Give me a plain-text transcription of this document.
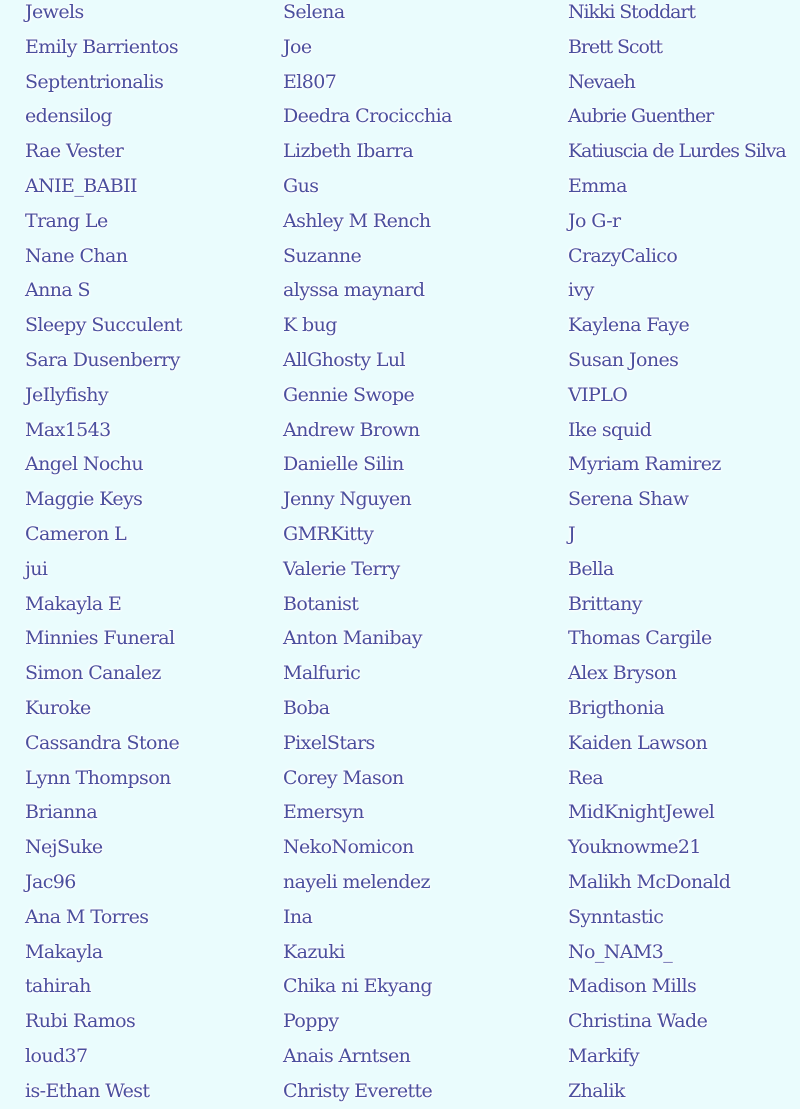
Jewels
Emily Barrientos
Septentrionalis
edensilog
Rae Vester
ANIE_BABII
Trang Le
Nane Chan
Anna S
Sleepy Succulent
Sara Dusenberry
JeIlyfishy
Max1543
Angel Nochu
Maggie Keys
Cameron L
jui
Makayla E
Minnies Funeral
Simon Canalez
Kuroke
Cassandra Stone
Lynn Thompson
Brianna
NejSuke
Jac96
Ana M Torres
Makayla
tahirah
Rubi Ramos
loud37
is-Ethan West
Selena
Joe
El807
Deedra Crocicchia
Lizbeth Ibarra
Gus
Ashley M Rench
Suzanne
alyssa maynard
K bug
AllGhosty Lul
Gennie Swope
Andrew Brown
Danielle Silin
Jenny Nguyen
GMRKitty
Valerie Terry
Botanist
Anton Manibay
Malfuric
Boba
PixelStars
Corey Mason
Emersyn
NekoNomicon
nayeli melendez
Ina
Kazuki
Chika ni Ekyang
Poppy
Anais Arntsen
Christy Everette
Nikki Stoddart
Brett Scott
Nevaeh
Aubrie Guenther
Katiuscia de Lurdes Silva
Emma
Jo G-r
CrazyCalico
ivy
Kaylena Faye
Susan Jones
VIPLO
Ike squid
Myriam Ramirez
Serena Shaw
J
Bella
Brittany
Thomas Cargile
Alex Bryson
Brigthonia
Kaiden Lawson
Rea
MidKnightJewel
Youknowme21
Malikh McDonald
Synntastic
No_NAM3_
Madison Mills
Christina Wade
Markify
Zhalik
